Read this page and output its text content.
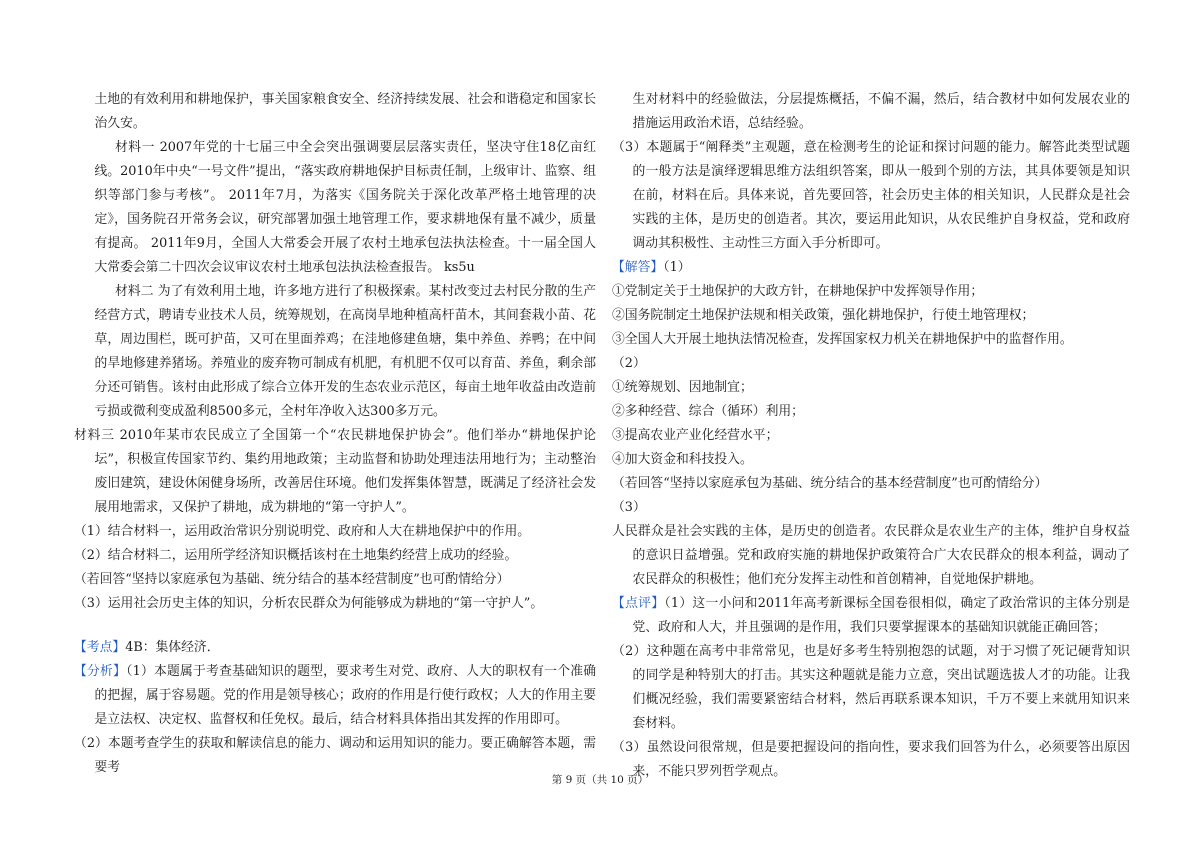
土地的有效利用和耕地保护，事关国家粮食安全、经济持续发展、社会和谐稳定和国家长治久安。

材料一 2007年党的十七届三中全会突出强调要层层落实责任，坚决守住18亿亩红线。2010年中央“一号文件”提出，“落实政府耕地保护目标责任制，上级审计、监察、组织等部门参与考核”。 2011年7月，为落实《国务院关于深化改革严格土地管理的决定》，国务院召开常务会议，研究部署加强土地管理工作，要求耕地保有量不减少，质量有提高。 2011年9月，全国人大常委会开展了农村土地承包法执法检查。十一届全国人大常委会第二十四次会议审议农村土地承包法执法检查报告。 ks5u

材料二 为了有效利用土地，许多地方进行了积极探索。某村改变过去村民分散的生产经营方式，聘请专业技术人员，统筹规划，在高岗旱地种植高杆苗木，其间套栽小苗、花草，周边围栏，既可护苗，又可在里面养鸡；在洼地修建鱼塘，集中养鱼、养鸭；在中间的旱地修建养猪场。养殖业的废弃物可制成有机肥，有机肥不仅可以育苗、养鱼，剩余部分还可销售。该村由此形成了综合立体开发的生态农业示范区，每亩土地年收益由改造前亏损或微利变成盈利8500多元，全村年净收入达300多万元。

材料三 2010年某市农民成立了全国第一个“农民耕地保护协会”。他们举办“耕地保护论坛”，积极宣传国家节约、集约用地政策；主动监督和协助处理违法用地行为；主动整治废旧建筑，建设休闲健身场所，改善居住环境。他们发挥集体智慧，既满足了经济社会发展用地需求，又保护了耕地，成为耕地的“第一守护人”。

（1）结合材料一，运用政治常识分别说明党、政府和人大在耕地保护中的作用。

（2）结合材料二，运用所学经济知识概括该村在土地集约经营上成功的经验。

（若回答“坚持以家庭承包为基础、统分结合的基本经营制度”也可酌情给分）

（3）运用社会历史主体的知识，分析农民群众为何能够成为耕地的“第一守护人”。

【考点】4B：集体经济．

【分析】（1）本题属于考查基础知识的题型，要求考生对党、政府、人大的职权有一个准确的把握，属于容易题。党的作用是领导核心；政府的作用是行使行政权；人大的作用主要是立法权、决定权、监督权和任免权。最后，结合材料具体指出其发挥的作用即可。

（2）本题考查学生的获取和解读信息的能力、调动和运用知识的能力。要正确解答本题，需要考

生对材料中的经验做法，分层提炼概括，不偏不漏，然后，结合教材中如何发展农业的措施运用政治术语，总结经验。

（3）本题属于“阐释类”主观题，意在检测考生的论证和探讨问题的能力。解答此类型试题的一般方法是演绎逻辑思维方法组织答案，即从一般到个别的方法，其具体要领是知识在前，材料在后。具体来说，首先要回答，社会历史主体的相关知识，人民群众是社会实践的主体，是历史的创造者。其次，要运用此知识，从农民维护自身权益，党和政府调动其积极性、主动性三方面入手分析即可。

【解答】（1）

①党制定关于土地保护的大政方针，在耕地保护中发挥领导作用；

②国务院制定土地保护法规和相关政策，强化耕地保护，行使土地管理权；

③全国人大开展土地执法情况检查，发挥国家权力机关在耕地保护中的监督作用。

（2）

①统筹规划、因地制宜；

②多种经营、综合（循环）利用；

③提高农业产业化经营水平；

④加大资金和科技投入。

（若回答“坚持以家庭承包为基础、统分结合的基本经营制度”也可酌情给分）

（3）

人民群众是社会实践的主体，是历史的创造者。农民群众是农业生产的主体，维护自身权益的意识日益增强。党和政府实施的耕地保护政策符合广大农民群众的根本利益，调动了农民群众的积极性；他们充分发挥主动性和首创精神，自觉地保护耕地。

【点评】（1）这一小问和2011年高考新课标全国卷很相似，确定了政治常识的主体分别是党、政府和人大，并且强调的是作用，我们只要掌握课本的基础知识就能正确回答；

（2）这种题在高考中非常常见，也是好多考生特别抱怨的试题，对于习惯了死记硬背知识的同学是种特别大的打击。其实这种题就是能力立意，突出试题选拔人才的功能。让我们概况经验，我们需要紧密结合材料，然后再联系课本知识，千万不要上来就用知识来套材料。

（3）虽然设问很常规，但是要把握设问的指向性，要求我们回答为什么，必须要答出原因来，不能只罗列哲学观点。

第 9 页（共 10 页）
